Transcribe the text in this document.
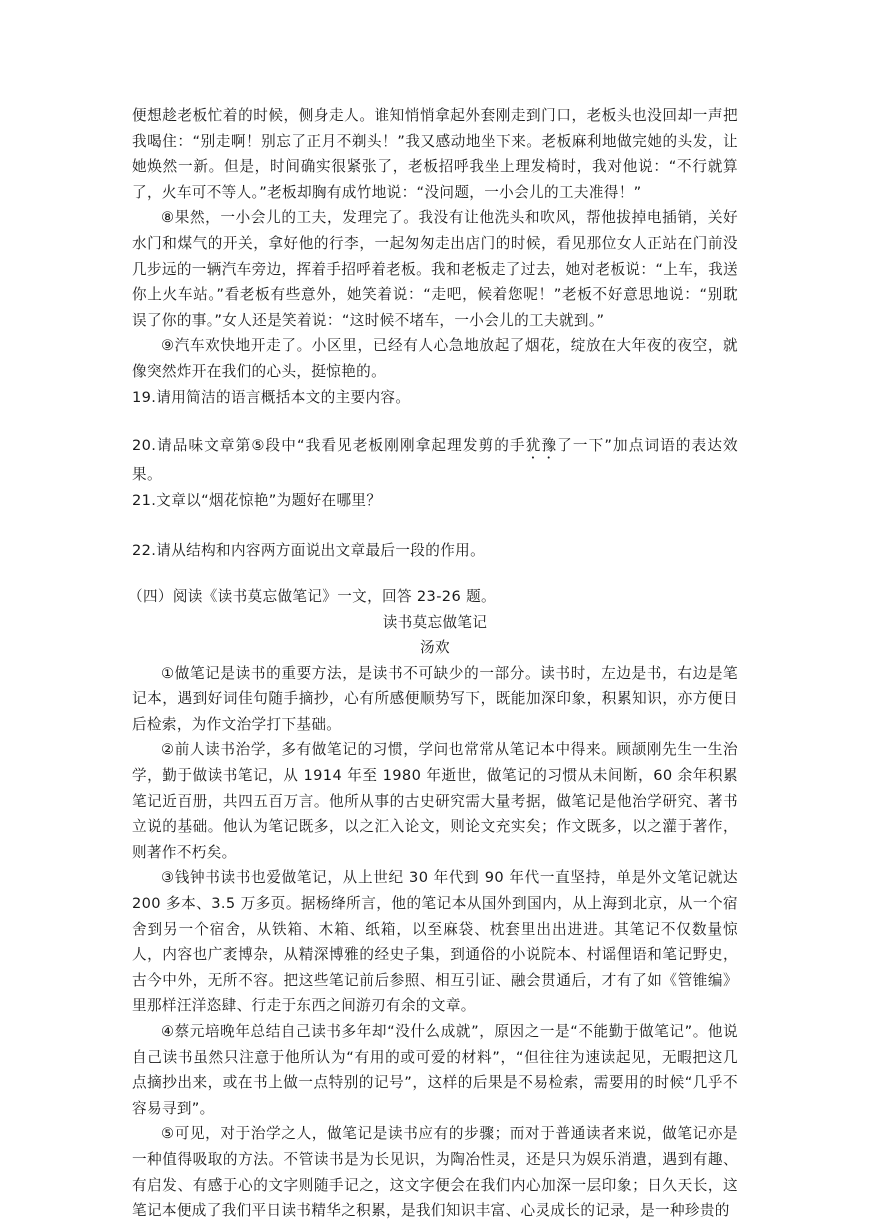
便想趁老板忙着的时候，侧身走人。谁知悄悄拿起外套刚走到门口，老板头也没回却一声把我喝住：“别走啊！别忘了正月不剃头！”我又感动地坐下来。老板麻利地做完她的头发，让她焕然一新。但是，时间确实很紧张了，老板招呼我坐上理发椅时，我对他说：“不行就算了，火车可不等人。”老板却胸有成竹地说：“没问题，一小会儿的工夫准得！”

⑧果然，一小会儿的工夫，发理完了。我没有让他洗头和吹风，帮他拔掉电插销，关好水门和煤气的开关，拿好他的行李，一起匆匆走出店门的时候，看见那位女人正站在门前没几步远的一辆汽车旁边，挥着手招呼着老板。我和老板走了过去，她对老板说：“上车，我送你上火车站。”看老板有些意外，她笑着说：“走吧，候着您呢！”老板不好意思地说：“别耽误了你的事。”女人还是笑着说：“这时候不堵车，一小会儿的工夫就到。”

⑨汽车欢快地开走了。小区里，已经有人心急地放起了烟花，绽放在大年夜的夜空，就像突然炸开在我们的心头，挺惊艳的。

19.请用简洁的语言概括本文的主要内容。

20.请品味文章第⑤段中“我看见老板刚刚拿起理发剪的手犹豫了一下”加点词语的表达效果。

21.文章以“烟花惊艳”为题好在哪里？

22.请从结构和内容两方面说出文章最后一段的作用。

（四）阅读《读书莫忘做笔记》一文，回答 23-26 题。

读书莫忘做笔记

汤欢

①做笔记是读书的重要方法，是读书不可缺少的一部分。读书时，左边是书，右边是笔记本，遇到好词佳句随手摘抄，心有所感便顺势写下，既能加深印象，积累知识，亦方便日后检索，为作文治学打下基础。

②前人读书治学，多有做笔记的习惯，学问也常常从笔记本中得来。顾颉刚先生一生治学，勤于做读书笔记，从 1914 年至 1980 年逝世，做笔记的习惯从未间断，60 余年积累笔记近百册，共四五百万言。他所从事的古史研究需大量考据，做笔记是他治学研究、著书立说的基础。他认为笔记既多，以之汇入论文，则论文充实矣；作文既多，以之灌于著作，则著作不朽矣。

③钱钟书读书也爱做笔记，从上世纪 30 年代到 90 年代一直坚持，单是外文笔记就达 200 多本、3.5 万多页。据杨绛所言，他的笔记本从国外到国内，从上海到北京，从一个宿舍到另一个宿舍，从铁箱、木箱、纸箱，以至麻袋、枕套里出出进进。其笔记不仅数量惊人，内容也广袤博杂，从精深博雅的经史子集，到通俗的小说院本、村谣俚语和笔记野史，古今中外，无所不容。把这些笔记前后参照、相互引证、融会贯通后，才有了如《管锥编》里那样汪洋恣肆、行走于东西之间游刃有余的文章。

④蔡元培晚年总结自己读书多年却“没什么成就”，原因之一是“不能勤于做笔记”。他说自己读书虽然只注意于他所认为“有用的或可爱的材料”，“但往往为速读起见，无暇把这几点摘抄出来，或在书上做一点特别的记号”，这样的后果是不易检索，需要用的时候“几乎不容易寻到”。

⑤可见，对于治学之人，做笔记是读书应有的步骤；而对于普通读者来说，做笔记亦是一种值得吸取的方法。不管读书是为长见识，为陶冶性灵，还是只为娱乐消遣，遇到有趣、有启发、有感于心的文字则随手记之，这文字便会在我们内心加深一层印象；日久天长，这笔记本便成了我们平日读书精华之积累，是我们知识丰富、心灵成长的记录，是一种珍贵的
